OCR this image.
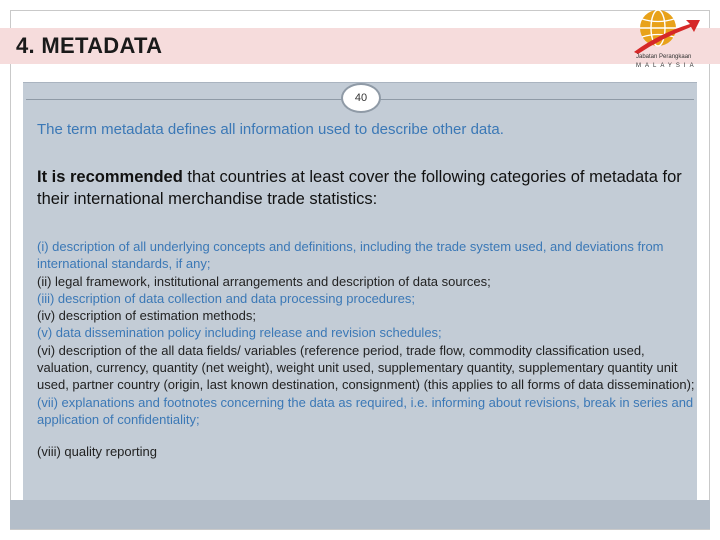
4. METADATA	Jabatan Perangkaan
MALAYSIA
40

The term metadata defines all information used to describe other data.

It is recommended that countries at least cover the following categories of metadata for their international merchandise trade statistics:

(i) description of all underlying concepts and definitions, including the trade system used, and deviations from international standards, if any;
(ii) legal framework, institutional arrangements and description of data sources;
(iii) description of data collection and data processing procedures;
(iv) description of estimation methods;
(v) data dissemination policy including release and revision schedules;
(vi) description of the all data fields/ variables (reference period, trade flow, commodity classification used, valuation, currency, quantity (net weight), weight unit used, supplementary quantity, supplementary quantity unit used, partner country (origin, last known destination, consignment) (this applies to all forms of data dissemination);
(vii) explanations and footnotes concerning the data as required, i.e. informing about revisions, break in series and application of confidentiality;
(viii) quality reporting
